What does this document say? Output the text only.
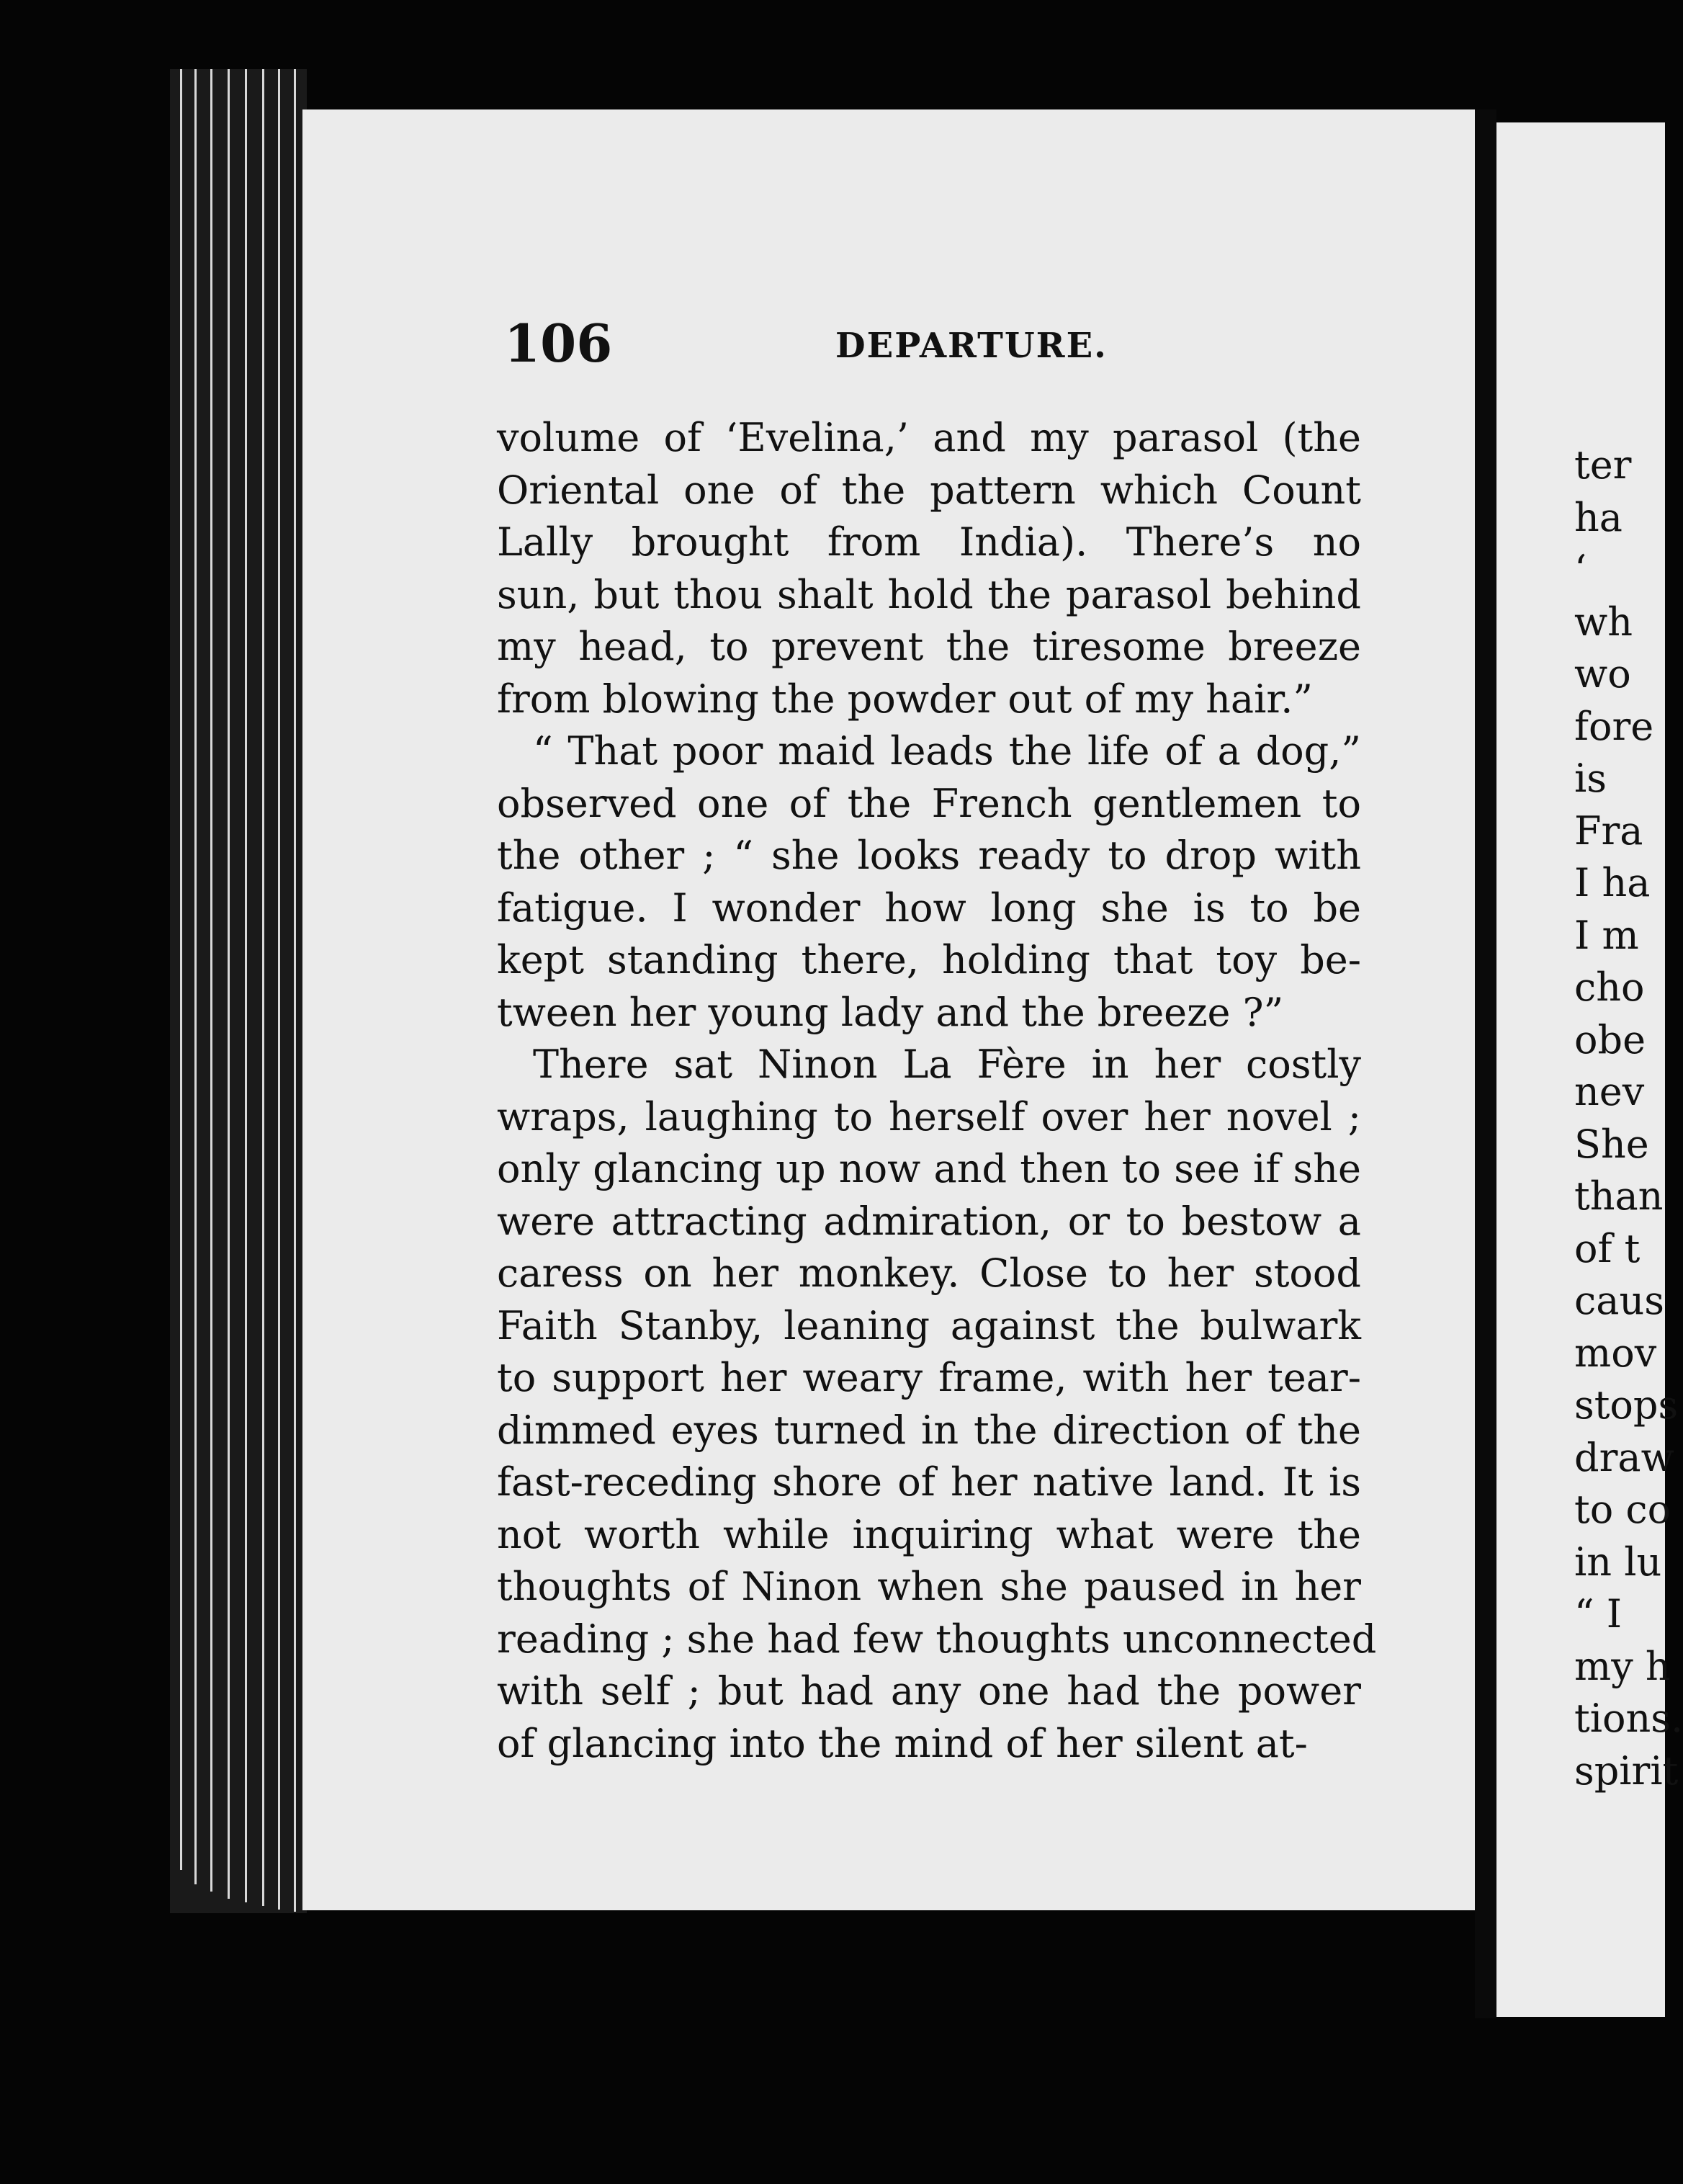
106	DEPARTURE.
volume of ‘Evelina,’ and my parasol (the
Oriental one of the pattern which Count
Lally brought from India). There’s no
sun, but thou shalt hold the parasol behind
my head, to prevent the tiresome breeze
from blowing the powder out of my hair.”
“ That poor maid leads the life of a dog,”
observed one of the French gentlemen to
the other ; “ she looks ready to drop with
fatigue. I wonder how long she is to be
kept standing there, holding that toy be-
tween her young lady and the breeze ?”
There sat Ninon La Fère in her costly
wraps, laughing to herself over her novel ;
only glancing up now and then to see if she
were attracting admiration, or to bestow a
caress on her monkey. Close to her stood
Faith Stanby, leaning against the bulwark
to support her weary frame, with her tear-
dimmed eyes turned in the direction of the
fast-receding shore of her native land. It is
not worth while inquiring what were the
thoughts of Ninon when she paused in her
reading ; she had few thoughts unconnected
with self ; but had any one had the power
of glancing into the mind of her silent at-
ter
ha
‘
wh
wo
fore
is
Fra
I ha
I m
cho
obe
nev
She
than
of t
caus
mov
stops
draw
to co
in lu
“ I
my h
tions.
spirit
